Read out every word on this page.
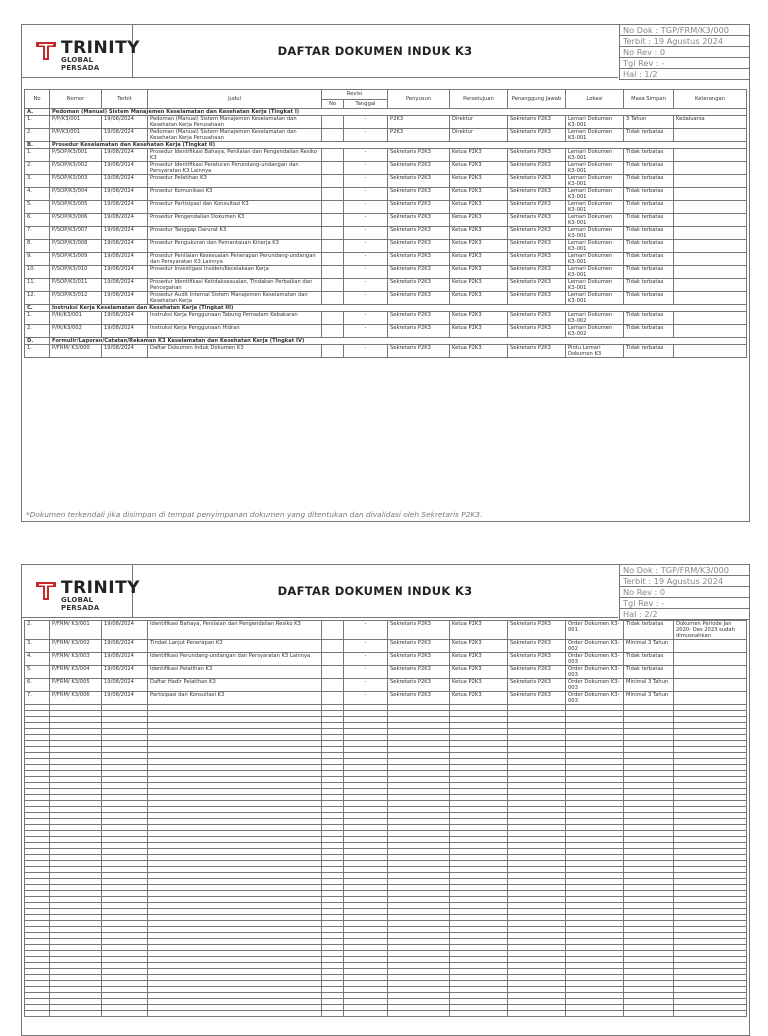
TRINITY
GLOBAL PERSADA
DAFTAR DOKUMEN INDUK K3
No Dok : TGP/FRM/K3/000
Terbit : 19 Agustus 2024
No Rev : 0
Tgl Rev : -
Hal : 1/2
No	Nomor	Terbit	Judul	Revisi		Penyusun	Persetujuan	Penanggung Jawab	Lokasi	Masa Simpan	Keterangan
				No	Tanggal						
A.	Pedoman (Manual) Sistem Manajemen Keselamatan dan Kesehatan Kerja (Tingkat I)										
1.	P/P/K3/001	19/08/2024	Pedoman (Manual) Sistem Manajemen Keselamatan dan Kesehatan Kerja Perusahaan		-	P2K3	Direktur	Sekretaris P2K3	Lemari Dokumen K3-001	3 Tahun	Kedaluarsa
2.	P/P/K3/001	19/08/2024	Pedoman (Manual) Sistem Manajemen Keselamatan dan Kesehatan Kerja Perusahaan		-	P2K3	Direktur	Sekretaris P2K3	Lemari Dokumen K3-001	Tidak terbatas	
B.	Prosedur Keselamatan dan Kesehatan Kerja (Tingkat II)										
1.	P/SOP/K3/001	19/08/2024	Prosedur Identifikasi Bahaya, Penilaian dan Pengendalian Resiko K3		-	Sekretaris P2K3	Ketua P2K3	Sekretaris P2K3	Lemari Dokumen K3-001	Tidak terbatas	
2.	P/SOP/K3/002	19/08/2024	Prosedur Identifikasi Peraturan Perundang-undangan dan Persyaratan K3 Lainnya		-	Sekretaris P2K3	Ketua P2K3	Sekretaris P2K3	Lemari Dokumen K3-001	Tidak terbatas	
3.	P/SOP/K3/003	19/08/2024	Prosedur Pelatihan K3		-	Sekretaris P2K3	Ketua P2K3	Sekretaris P2K3	Lemari Dokumen K3-001	Tidak terbatas	
4.	P/SOP/K3/004	19/08/2024	Prosedur Komunikasi K3		-	Sekretaris P2K3	Ketua P2K3	Sekretaris P2K3	Lemari Dokumen K3-001	Tidak terbatas	
5.	P/SOP/K3/005	19/08/2024	Prosedur Partisipasi dan Konsultasi K3		-	Sekretaris P2K3	Ketua P2K3	Sekretaris P2K3	Lemari Dokumen K3-001	Tidak terbatas	
6.	P/SOP/K3/006	19/08/2024	Prosedur Pengendalian Dokumen K3		-	Sekretaris P2K3	Ketua P2K3	Sekretaris P2K3	Lemari Dokumen K3-001	Tidak terbatas	
7.	P/SOP/K3/007	19/08/2024	Prosedur Tanggap Darurat K3		-	Sekretaris P2K3	Ketua P2K3	Sekretaris P2K3	Lemari Dokumen K3-001	Tidak terbatas	
8.	P/SOP/K3/008	19/08/2024	Prosedur Pengukuran dan Pemantauan Kinerja K3		-	Sekretaris P2K3	Ketua P2K3	Sekretaris P2K3	Lemari Dokumen K3-001	Tidak terbatas	
9.	P/SOP/K3/009	19/08/2024	Prosedur Penilaian Kesesuaian Penerapan Perundang-undangan dan Persyaratan K3 Lainnya		-	Sekretaris P2K3	Ketua P2K3	Sekretaris P2K3	Lemari Dokumen K3-001	Tidak terbatas	
10.	P/SOP/K3/010	19/08/2024	Prosedur Investigasi Insiden/Kecelakaan Kerja		-	Sekretaris P2K3	Ketua P2K3	Sekretaris P2K3	Lemari Dokumen K3-001	Tidak terbatas	
11.	P/SOP/K3/011	19/08/2024	Prosedur Identifikasi Ketidaksesuaian, Tindakan Perbaikan dan Pencegahan		-	Sekretaris P2K3	Ketua P2K3	Sekretaris P2K3	Lemari Dokumen K3-001	Tidak terbatas	
12.	P/SOP/K3/012	19/08/2024	Prosedur Audit Internal Sistem Manajemen Keselamatan dan Kesehatan Kerja		-	Sekretaris P2K3	Ketua P2K3	Sekretaris P2K3	Lemari Dokumen K3-001	Tidak terbatas	
C.	Instruksi Kerja Keselamatan dan Kesehatan Kerja (Tingkat III)										
1.	P/IK/K3/001	19/08/2024	Instruksi Kerja Penggunaan Tabung Pemadam Kebakaran		-	Sekretaris P2K3	Ketua P2K3	Sekretaris P2K3	Lemari Dokumen K3-002	Tidak terbatas	
2.	P/IK/K3/002	19/08/2024	Instruksi Kerja Penggunaan Hidran		-	Sekretaris P2K3	Ketua P2K3	Sekretaris P2K3	Lemari Dokumen K3-002	Tidak terbatas	
D.	Formulir/Laporan/Catatan/Rekaman K3 Keselamatan dan Kesehatan Kerja (Tingkat IV)										
1.	P/FRM/ K3/000	19/08/2024	Daftar Dokumen Induk Dokumen K3		-	Sekretaris P2K3	Ketua P2K3	Sekretaris P2K3	Pintu Lemari Dokumen K3	Tidak terbatas	
*Dokumen terkendali jika disimpan di tempat penyimpanan dokumen yang ditentukan dan divalidasi oleh Sekretaris P2K3.
TRINITY
GLOBAL PERSADA
DAFTAR DOKUMEN INDUK K3
No Dok : TGP/FRM/K3/000
Terbit : 19 Agustus 2024
No Rev : 0
Tgl Rev : -
Hal : 2/2
2.	P/FRM/ K3/001	19/08/2024	Identifikasi Bahaya, Penilaian dan Pengendalian Resiko K3		-	Sekretaris P2K3	Ketua P2K3	Sekretaris P2K3	Order Dokumen K3-001	Tidak terbatas	Dokumen Periode Jan 2020- Des 2023 sudah dimusnahkan
3.	P/FRM/ K3/002	19/08/2024	Tindak Lanjut Penerapan K3		-	Sekretaris P2K3	Ketua P2K3	Sekretaris P2K3	Order Dokumen K3-002	Minimal 3 Tahun	
4.	P/FRM/ K3/003	19/08/2024	Identifikasi Perundang-undangan dan Persyaratan K3 Lainnya		-	Sekretaris P2K3	Ketua P2K3	Sekretaris P2K3	Order Dokumen K3-003	Tidak terbatas	
5.	P/FRM/ K3/004	19/08/2024	Identifikasi Pelatihan K3		-	Sekretaris P2K3	Ketua P2K3	Sekretaris P2K3	Order Dokumen K3-003	Tidak terbatas	
6.	P/FRM/ K3/005	19/08/2024	Daftar Hadir Pelatihan K3		-	Sekretaris P2K3	Ketua P2K3	Sekretaris P2K3	Order Dokumen K3-003	Minimal 3 Tahun	
7.	P/FRM/ K3/006	19/08/2024	Partisipasi dan Konsultasi K3		-	Sekretaris P2K3	Ketua P2K3	Sekretaris P2K3	Order Dokumen K3-003	Minimal 3 Tahun	
